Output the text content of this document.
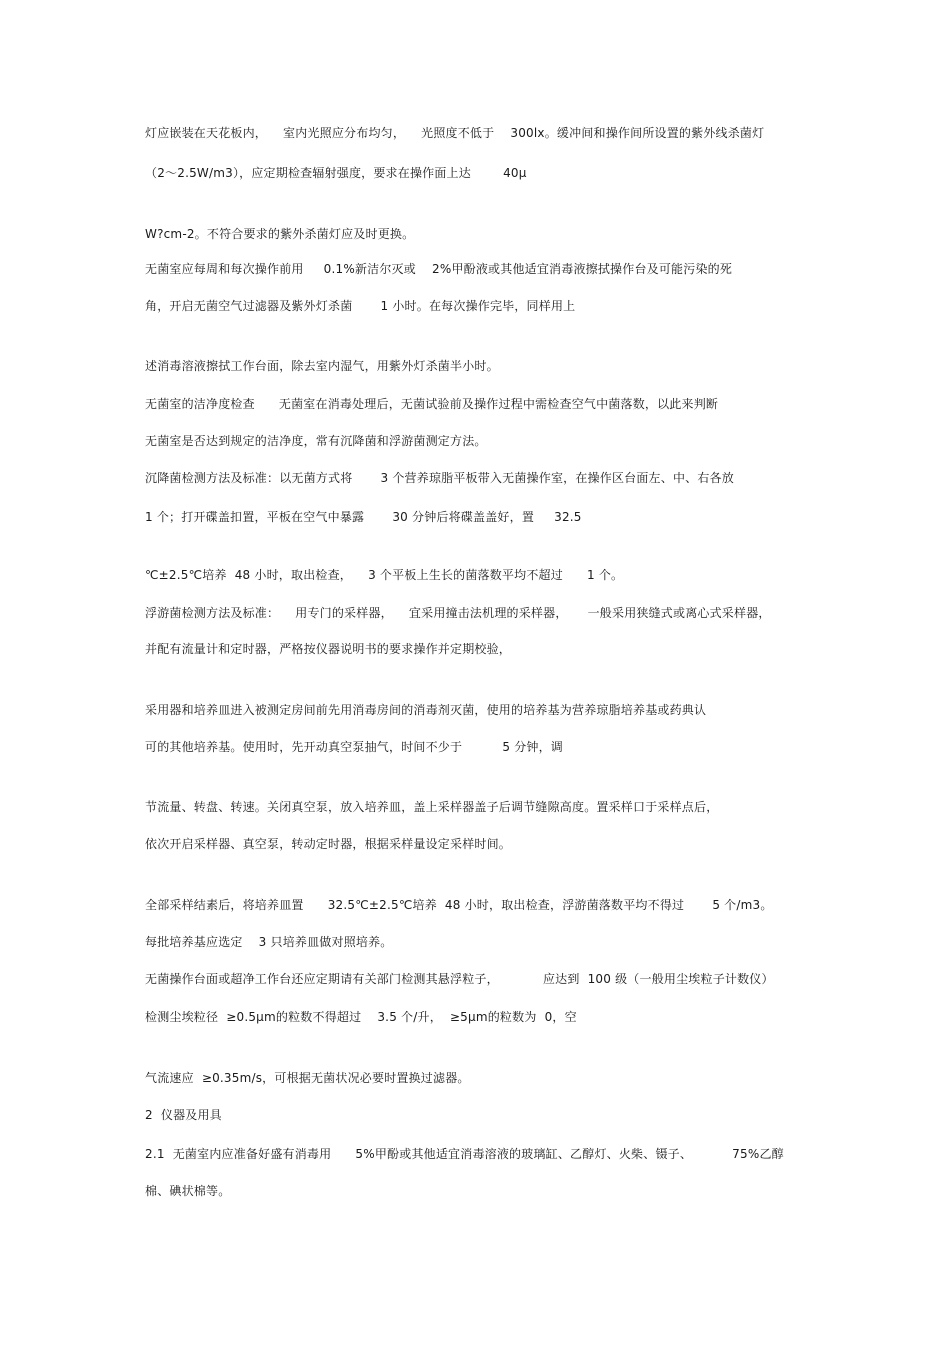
灯应嵌装在天花板内，    室内光照应分布均匀，    光照度不低于    300lx。缓冲间和操作间所设置的紫外线杀菌灯
（2～2.5W/m3），应定期检查辐射强度，要求在操作面上达        40μ
W?cm-2。不符合要求的紫外杀菌灯应及时更换。
无菌室应每周和每次操作前用     0.1%新洁尔灭或    2%甲酚液或其他适宜消毒液擦拭操作台及可能污染的死
角，开启无菌空气过滤器及紫外灯杀菌       1 小时。在每次操作完毕，同样用上
述消毒溶液擦拭工作台面，除去室内湿气，用紫外灯杀菌半小时。
无菌室的洁净度检查      无菌室在消毒处理后，无菌试验前及操作过程中需检查空气中菌落数，以此来判断
无菌室是否达到规定的洁净度，常有沉降菌和浮游菌测定方法。
沉降菌检测方法及标准：以无菌方式将       3 个营养琼脂平板带入无菌操作室，在操作区台面左、中、右各放
1 个；打开碟盖扣置，平板在空气中暴露       30 分钟后将碟盖盖好，置     32.5
℃±2.5℃培养  48 小时，取出检查，    3 个平板上生长的菌落数平均不超过      1 个。
浮游菌检测方法及标准：    用专门的采样器，    宜采用撞击法机理的采样器，     一般采用狭缝式或离心式采样器，
并配有流量计和定时器，严格按仪器说明书的要求操作并定期校验，
采用器和培养皿进入被测定房间前先用消毒房间的消毒剂灭菌，使用的培养基为营养琼脂培养基或药典认
可的其他培养基。使用时，先开动真空泵抽气，时间不少于          5 分钟，调
节流量、转盘、转速。关闭真空泵，放入培养皿，盖上采样器盖子后调节缝隙高度。置采样口于采样点后，
依次开启采样器、真空泵，转动定时器，根据采样量设定采样时间。
全部采样结素后，将培养皿置      32.5℃±2.5℃培养  48 小时，取出检查，浮游菌落数平均不得过       5 个/m3。
每批培养基应选定    3 只培养皿做对照培养。
无菌操作台面或超净工作台还应定期请有关部门检测其悬浮粒子，           应达到  100 级（一般用尘埃粒子计数仪）
检测尘埃粒径  ≥0.5μm的粒数不得超过    3.5 个/升，  ≥5μm的粒数为  0，空
气流速应  ≥0.35m/s，可根据无菌状况必要时置换过滤器。
2  仪器及用具
2.1  无菌室内应准备好盛有消毒用      5%甲酚或其他适宜消毒溶液的玻璃缸、乙醇灯、火柴、镊子、          75%乙醇
棉、碘状棉等。
